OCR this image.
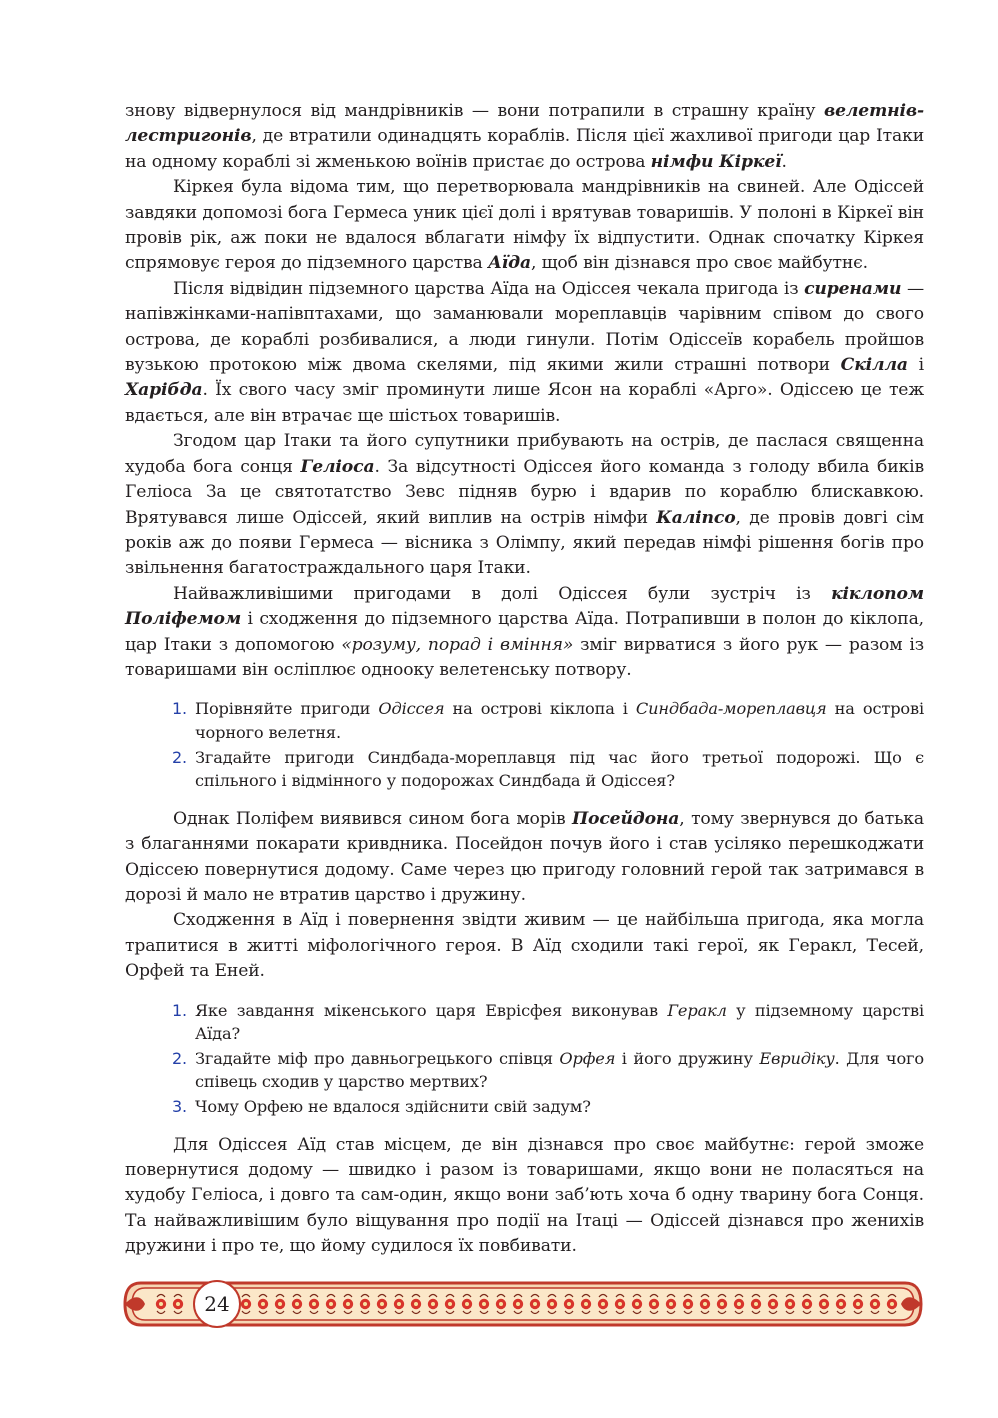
знову відвернулося від мандрівників — вони потрапили в страшну країну велетнів-лестригонів, де втратили одинадцять кораблів. Після цієї жахливої пригоди цар Ітаки на одному кораблі зі жменькою воїнів пристає до острова німфи Кіркеї.

Кіркея була відома тим, що перетворювала мандрівників на свиней. Але Одіссей завдяки допомозі бога Гермеса уник цієї долі і врятував товаришів. У полоні в Кіркеї він провів рік, аж поки не вдалося вблагати німфу їх відпустити. Однак спочатку Кіркея спрямовує героя до підземного царства Аїда, щоб він дізнався про своє майбутнє.

Після відвідин підземного царства Аїда на Одіссея чекала пригода із сиренами — напівжінками-напівптахами, що заманювали мореплавців чарівним співом до свого острова, де кораблі розбивалися, а люди гинули. Потім Одіссеїв корабель пройшов вузькою протокою між двома скелями, під якими жили страшні потвори Скілла і Харібда. Їх свого часу зміг проминути лише Ясон на кораблі «Арго». Одіссею це теж вдається, але він втрачає ще шістьох товаришів.

Згодом цар Ітаки та його супутники прибувають на острів, де паслася священна худоба бога сонця Геліоса. За відсутності Одіссея його команда з голоду вбила биків Геліоса За це святотатство Зевс підняв бурю і вдарив по кораблю блискавкою. Врятувався лише Одіссей, який виплив на острів німфи Каліпсо, де провів довгі сім років аж до появи Гермеса — вісника з Олімпу, який передав німфі рішення богів про звільнення багатостраждального царя Ітаки.

Найважливішими пригодами в долі Одіссея були зустріч із кіклопом Поліфемом і сходження до підземного царства Аїда. Потрапивши в полон до кіклопа, цар Ітаки з допомогою «розуму, порад і вміння» зміг вирватися з його рук — разом із товаришами він осліплює однооку велетенську потвору.

1. Порівняйте пригоди Одіссея на острові кіклопа і Синдбада-мореплавця на острові чорного велетня.
2. Згадайте пригоди Синдбада-мореплавця під час його третьої подорожі. Що є спільного і відмінного у подорожах Синдбада й Одіссея?

Однак Поліфем виявився сином бога морів Посейдона, тому звернувся до батька з благаннями покарати кривдника. Посейдон почув його і став усіляко перешкоджати Одіссею повернутися додому. Саме через цю пригоду головний герой так затримався в дорозі й мало не втратив царство і дружину.

Сходження в Аїд і повернення звідти живим — це найбільша пригода, яка могла трапитися в житті міфологічного героя. В Аїд сходили такі герої, як Геракл, Тесей, Орфей та Еней.

1. Яке завдання мікенського царя Еврісфея виконував Геракл у підземному царстві Аїда?
2. Згадайте міф про давньогрецького співця Орфея і його дружину Евридіку. Для чого співець сходив у царство мертвих?
3. Чому Орфею не вдалося здійснити свій задум?

Для Одіссея Аїд став місцем, де він дізнався про своє майбутнє: герой зможе повернутися додому — швидко і разом із товаришами, якщо вони не поласяться на худобу Геліоса, і довго та сам-один, якщо вони заб’ють хоча б одну тварину бога Сонця. Та найважливішим було віщування про події на Ітаці — Одіссей дізнався про женихів дружини і про те, що йому судилося їх повбивати.

24
